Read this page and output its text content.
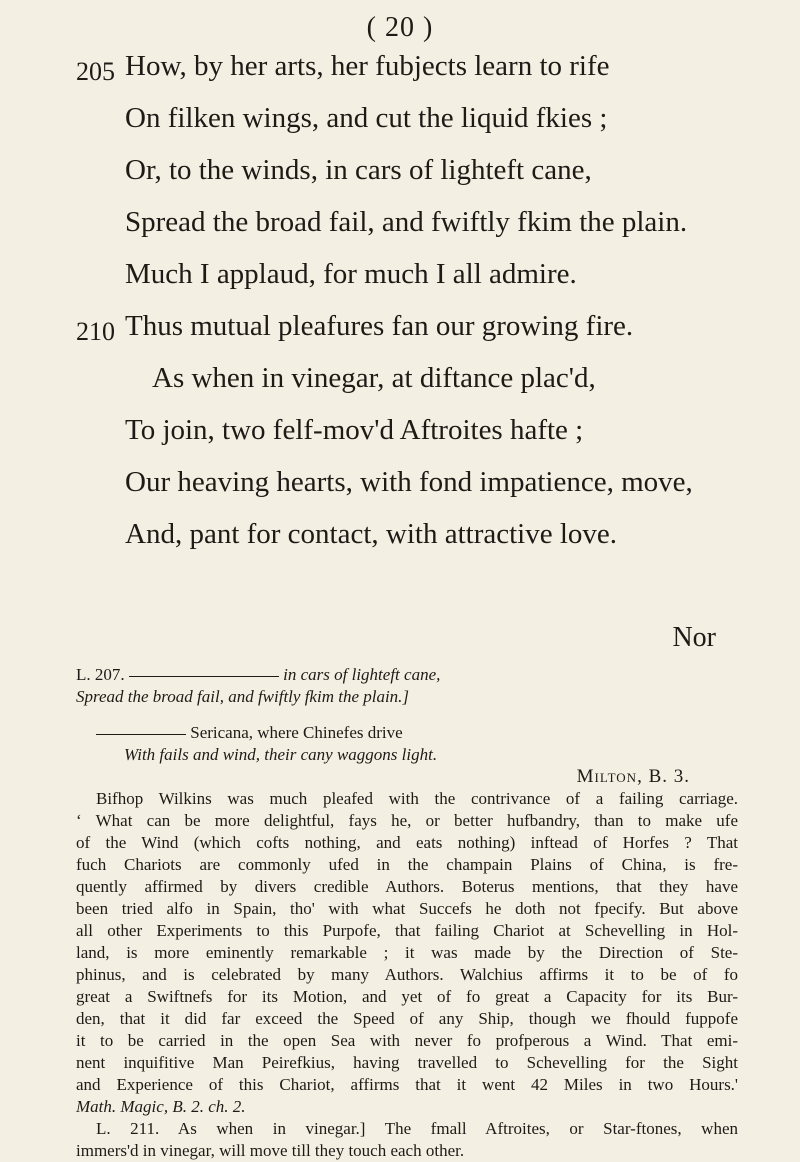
( 20 )
205 How, by her arts, her fubjects learn to rife
On filken wings, and cut the liquid fkies ;
Or, to the winds, in cars of lighteft cane,
Spread the broad fail, and fwiftly fkim the plain.
Much I applaud, for much I all admire.
210 Thus mutual pleafures fan our growing fire.
As when in vinegar, at diftance plac'd,
To join, two felf-mov'd Aftroites hafte ;
Our heaving hearts, with fond impatience, move,
And, pant for contact, with attractive love.
Nor
L. 207.	in cars of lighteft cane,
Spread the broad fail, and fwiftly fkim the plain.]
Sericana, where Chinefes drive
With fails and wind, their cany waggons light.
Milton, B. 3.
Bifhop Wilkins was much pleafed with the contrivance of a failing carriage.
‘ What can be more delightful, fays he, or better hufbandry, than to make ufe
of the Wind (which cofts nothing, and eats nothing) inftead of Horfes ? That
fuch Chariots are commonly ufed in the champain Plains of China, is fre-
quently affirmed by divers credible Authors. Boterus mentions, that they have
been tried alfo in Spain, tho' with what Succefs he doth not fpecify. But above
all other Experiments to this Purpofe, that failing Chariot at Schevelling in Hol-
land, is more eminently remarkable ; it was made by the Direction of Ste-
phinus, and is celebrated by many Authors. Walchius affirms it to be of fo
great a Swiftnefs for its Motion, and yet of fo great a Capacity for its Bur-
den, that it did far exceed the Speed of any Ship, though we fhould fuppofe
it to be carried in the open Sea with never fo profperous a Wind. That emi-
nent inquifitive Man Peirefkius, having travelled to Schevelling for the Sight
and Experience of this Chariot, affirms that it went 42 Miles in two Hours.'
Math. Magic, B. 2. ch. 2.
L. 211. As when in vinegar.] The fmall Aftroites, or Star-ftones, when
immers'd in vinegar, will move till they touch each other.
